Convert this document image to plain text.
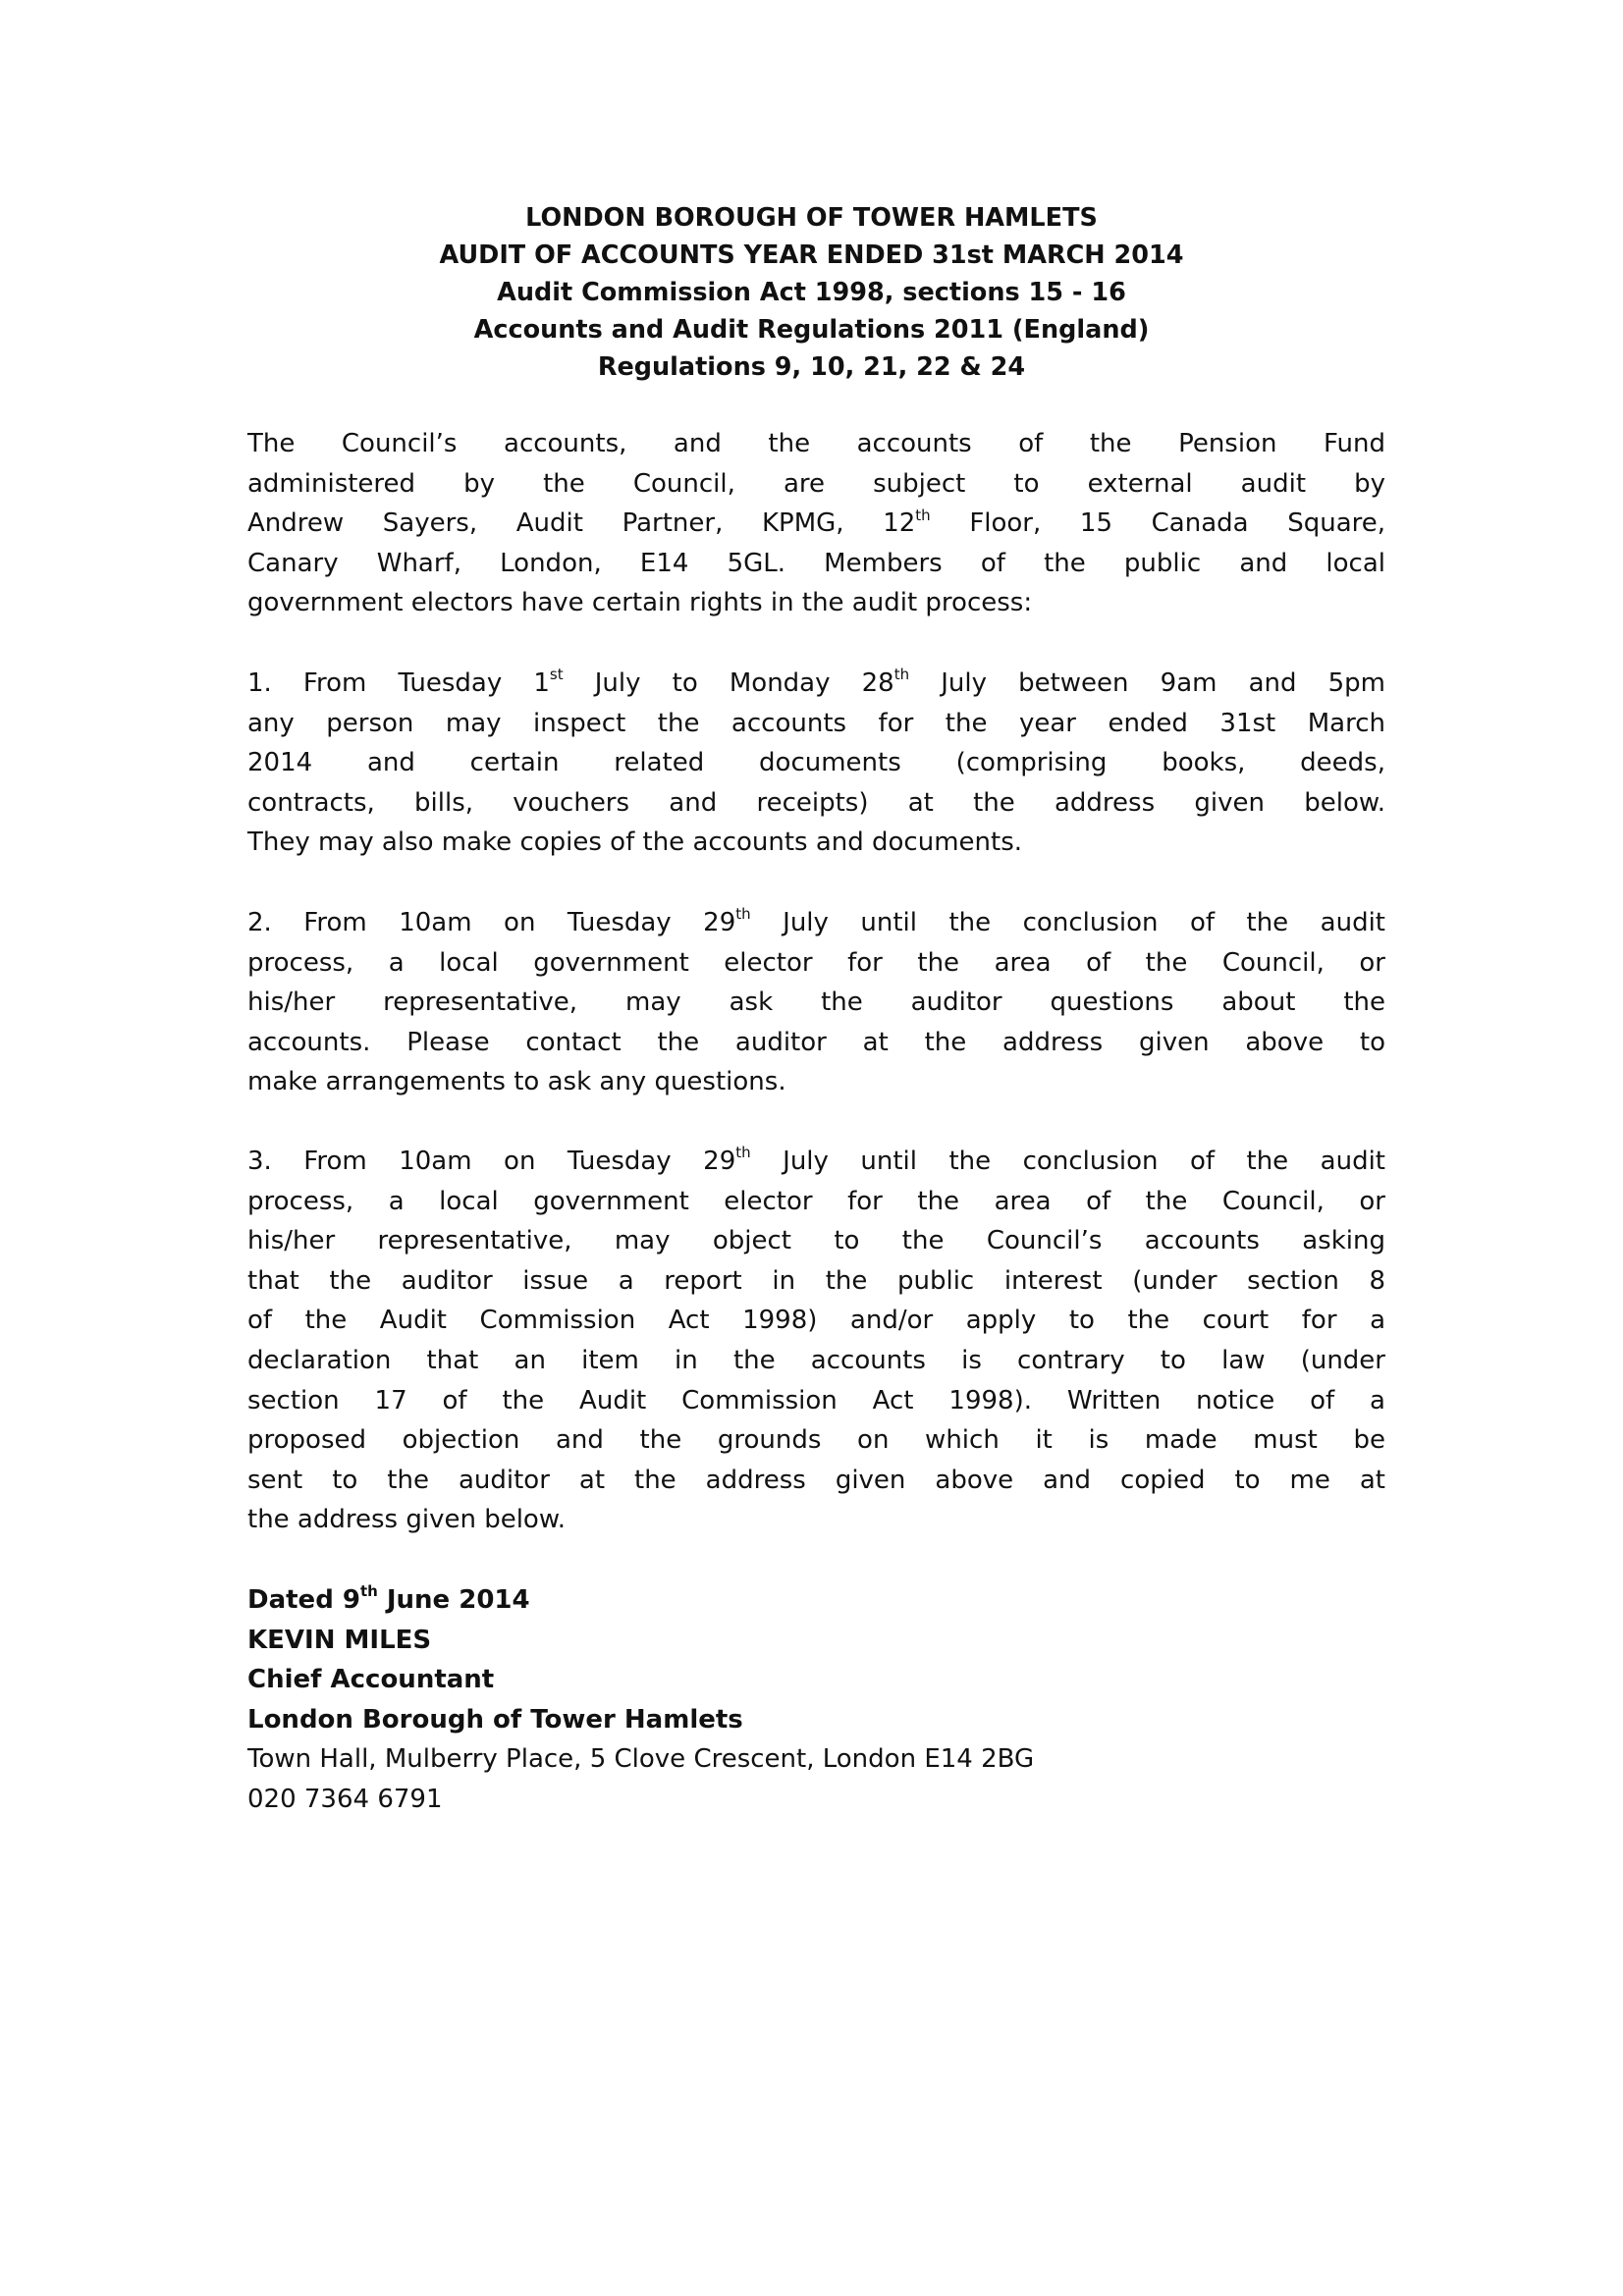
LONDON BOROUGH OF TOWER HAMLETS
AUDIT OF ACCOUNTS YEAR ENDED 31st MARCH 2014
Audit Commission Act 1998, sections 15 - 16
Accounts and Audit Regulations 2011 (England)
Regulations 9, 10, 21, 22 & 24
The Council’s accounts, and the accounts of the Pension Fund
administered by the Council, are subject to external audit by
Andrew Sayers, Audit Partner, KPMG, 12th Floor, 15 Canada Square,
Canary Wharf, London, E14 5GL. Members of the public and local
government electors have certain rights in the audit process:
1. From Tuesday 1st July to Monday 28th July between 9am and 5pm
any person may inspect the accounts for the year ended 31st March
2014 and certain related documents (comprising books, deeds,
contracts, bills, vouchers and receipts) at the address given below.
They may also make copies of the accounts and documents.
2. From 10am on Tuesday 29th July until the conclusion of the audit
process, a local government elector for the area of the Council, or
his/her representative, may ask the auditor questions about the
accounts. Please contact the auditor at the address given above to
make arrangements to ask any questions.
3. From 10am on Tuesday 29th July until the conclusion of the audit
process, a local government elector for the area of the Council, or
his/her representative, may object to the Council’s accounts asking
that the auditor issue a report in the public interest (under section 8
of the Audit Commission Act 1998) and/or apply to the court for a
declaration that an item in the accounts is contrary to law (under
section 17 of the Audit Commission Act 1998). Written notice of a
proposed objection and the grounds on which it is made must be
sent to the auditor at the address given above and copied to me at
the address given below.
Dated 9th June 2014
KEVIN MILES
Chief Accountant
London Borough of Tower Hamlets
Town Hall, Mulberry Place, 5 Clove Crescent, London E14 2BG
020 7364 6791
